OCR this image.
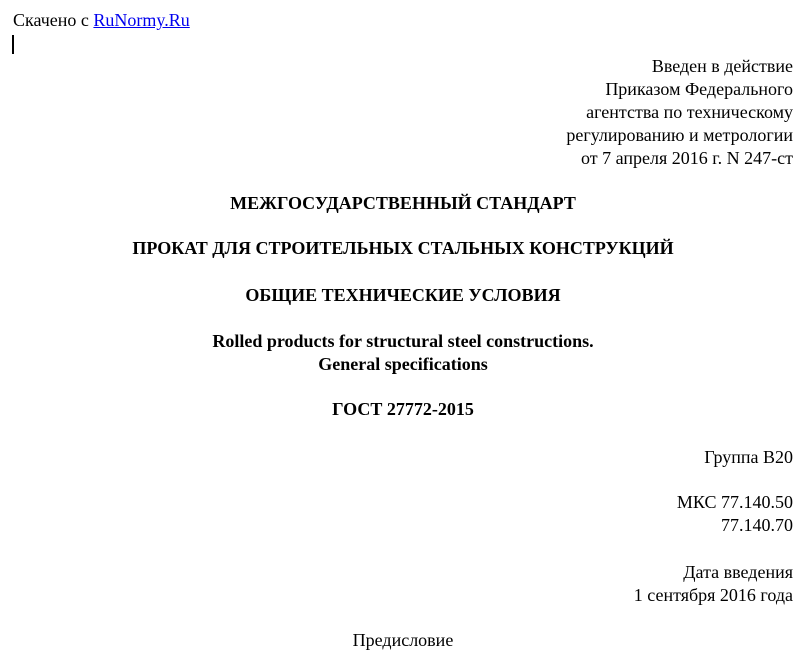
Скачено с RuNormy.Ru
Введен в действие
Приказом Федерального
агентства по техническому
регулированию и метрологии
от 7 апреля 2016 г. N 247-ст
МЕЖГОСУДАРСТВЕННЫЙ СТАНДАРТ
ПРОКАТ ДЛЯ СТРОИТЕЛЬНЫХ СТАЛЬНЫХ КОНСТРУКЦИЙ
ОБЩИЕ ТЕХНИЧЕСКИЕ УСЛОВИЯ
Rolled products for structural steel constructions.
General specifications
ГОСТ 27772-2015
Группа В20
МКС 77.140.50
77.140.70
Дата введения
1 сентября 2016 года
Предисловие
